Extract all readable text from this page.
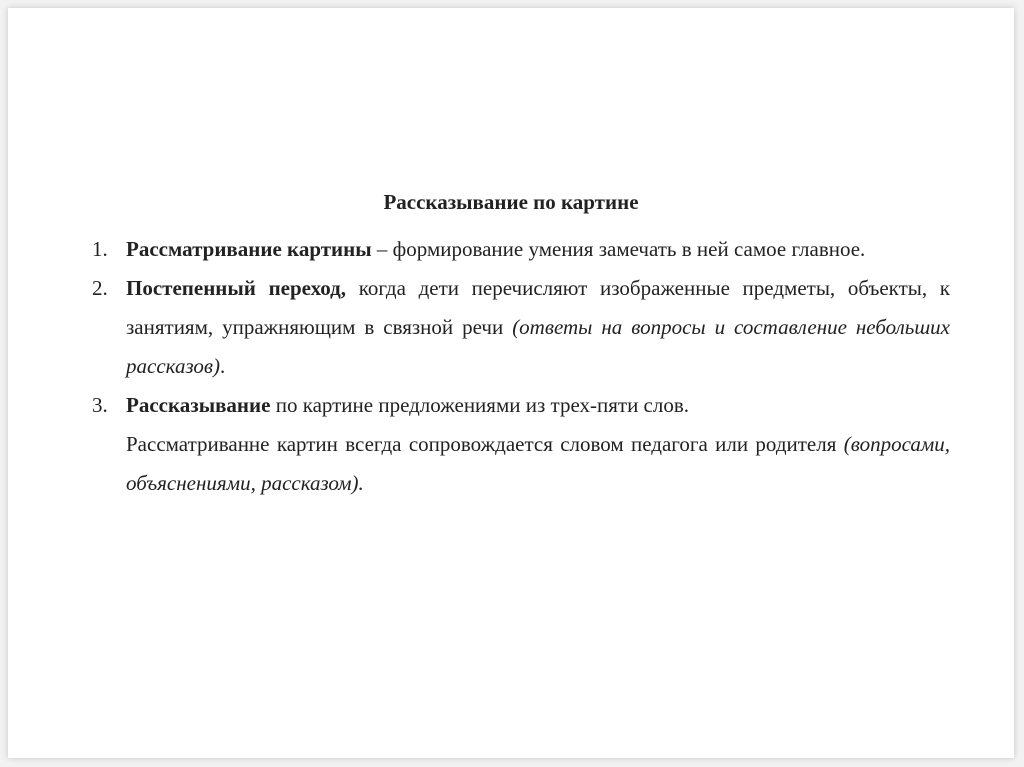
Рассказывание по картине
1. Рассматривание картины – формирование умения замечать в ней самое главное.
2. Постепенный переход, когда дети перечисляют изображенные предметы, объекты, к занятиям, упражняющим в связной речи (ответы на вопросы и составление небольших рассказов).
3. Рассказывание по картине предложениями из трех-пяти слов.
Рассматриванне картин всегда сопровождается словом педагога или родителя (вопросами, объяснениями, рассказом).
